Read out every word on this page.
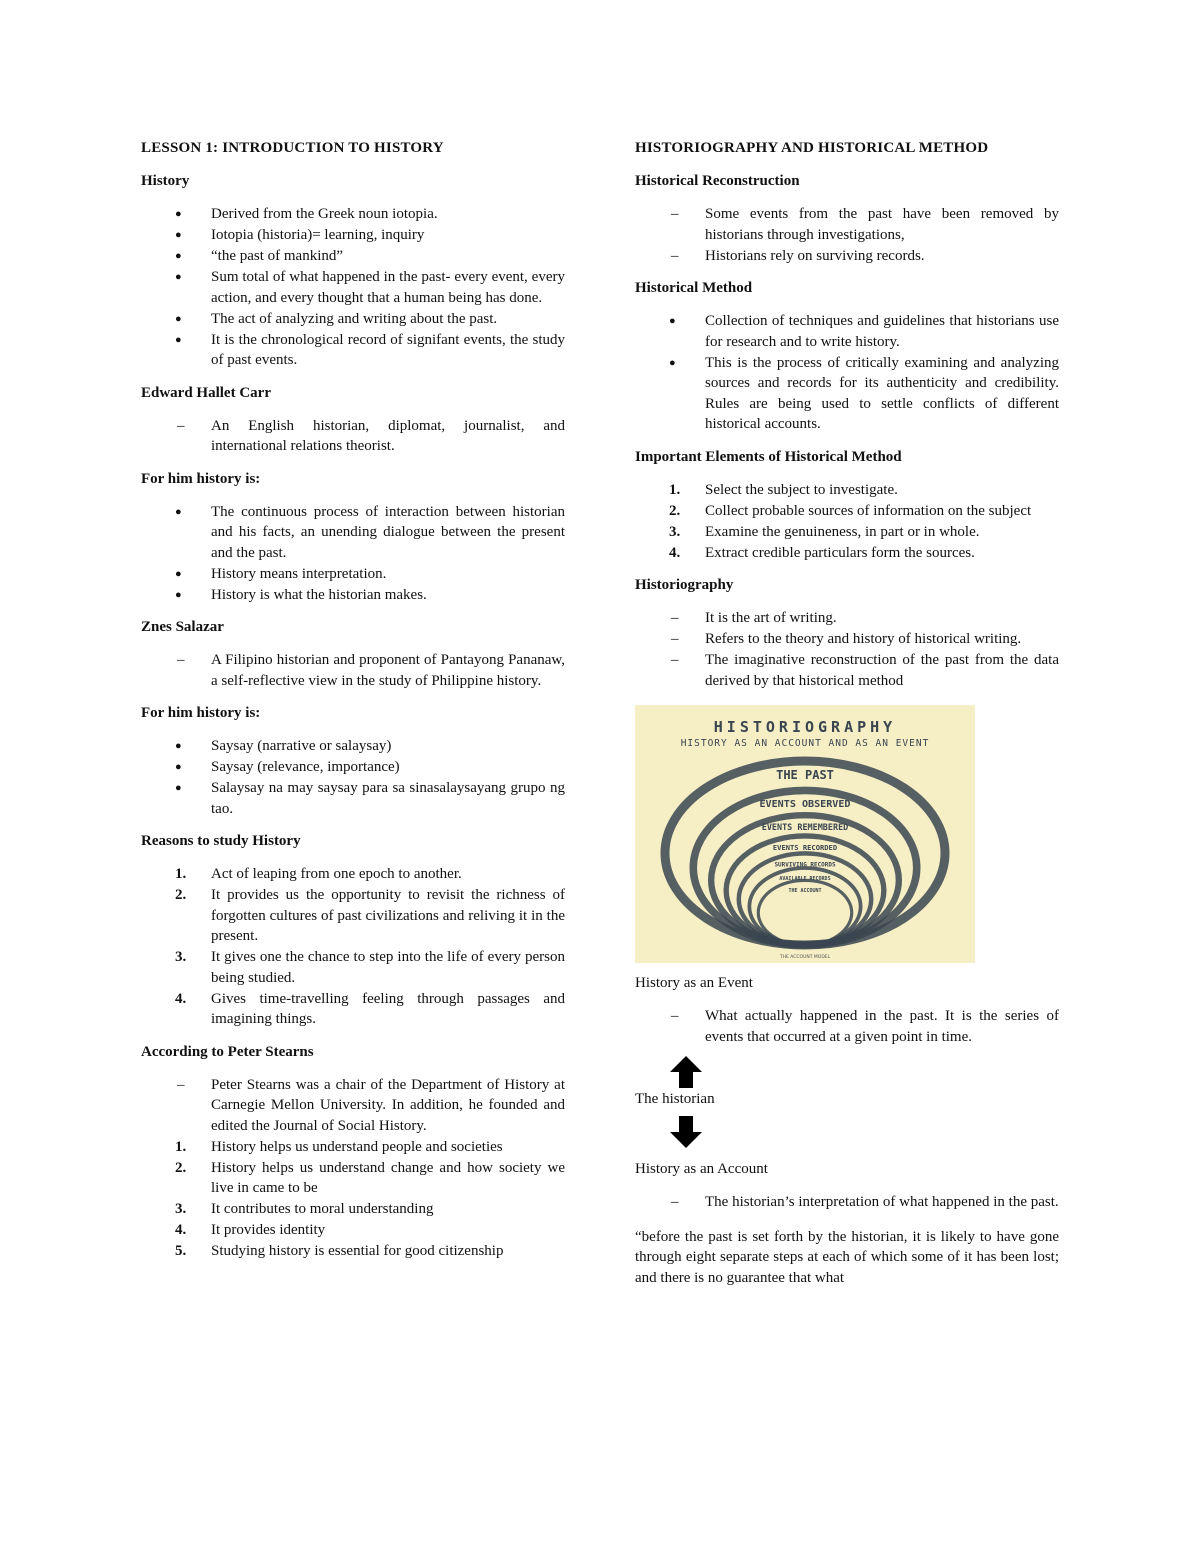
LESSON 1: INTRODUCTION TO HISTORY
History
● Derived from the Greek noun iotopia.
● Iotopia (historia)= learning, inquiry
● “the past of mankind”
● Sum total of what happened in the past- every event, every action, and every thought that a human being has done.
● The act of analyzing and writing about the past.
● It is the chronological record of signifant events, the study of past events.
Edward Hallet Carr
– An English historian, diplomat, journalist, and international relations theorist.
For him history is:
● The continuous process of interaction between historian and his facts, an unending dialogue between the present and the past.
● History means interpretation.
● History is what the historian makes.
Znes Salazar
– A Filipino historian and proponent of Pantayong Pananaw, a self-reflective view in the study of Philippine history.
For him history is:
● Saysay (narrative or salaysay)
● Saysay (relevance, importance)
● Salaysay na may saysay para sa sinasalaysayang grupo ng tao.
Reasons to study History
1. Act of leaping from one epoch to another.
2. It provides us the opportunity to revisit the richness of forgotten cultures of past civilizations and reliving it in the present.
3. It gives one the chance to step into the life of every person being studied.
4. Gives time-travelling feeling through passages and imagining things.
According to Peter Stearns
– Peter Stearns was a chair of the Department of History at Carnegie Mellon University. In addition, he founded and edited the Journal of Social History.
1. History helps us understand people and societies
2. History helps us understand change and how society we live in came to be
3. It contributes to moral understanding
4. It provides identity
5. Studying history is essential for good citizenship
HISTORIOGRAPHY AND HISTORICAL METHOD
Historical Reconstruction
– Some events from the past have been removed by historians through investigations,
– Historians rely on surviving records.
Historical Method
● Collection of techniques and guidelines that historians use for research and to write history.
● This is the process of critically examining and analyzing sources and records for its authenticity and credibility. Rules are being used to settle conflicts of different historical accounts.
Important Elements of Historical Method
1. Select the subject to investigate.
2. Collect probable sources of information on the subject
3. Examine the genuineness, in part or in whole.
4. Extract credible particulars form the sources.
Historiography
– It is the art of writing.
– Refers to the theory and history of historical writing.
– The imaginative reconstruction of the past from the data derived by that historical method
HISTORIOGRAPHY
HISTORY AS AN ACCOUNT AND AS AN EVENT
THE PAST
EVENTS OBSERVED
EVENTS REMEMBERED
EVENTS RECORDED
SURVIVING RECORDS
AVAILABLE RECORDS
THE ACCOUNT
THE ACCOUNT MODEL

History as an Event

– What actually happened in the past. It is the series of events that occurred at a given point in time.

The historian

History as an Account

– The historian’s interpretation of what happened in the past.

“before the past is set forth by the historian, it is likely to have gone through eight separate steps at each of which some of it has been lost; and there is no guarantee that what
